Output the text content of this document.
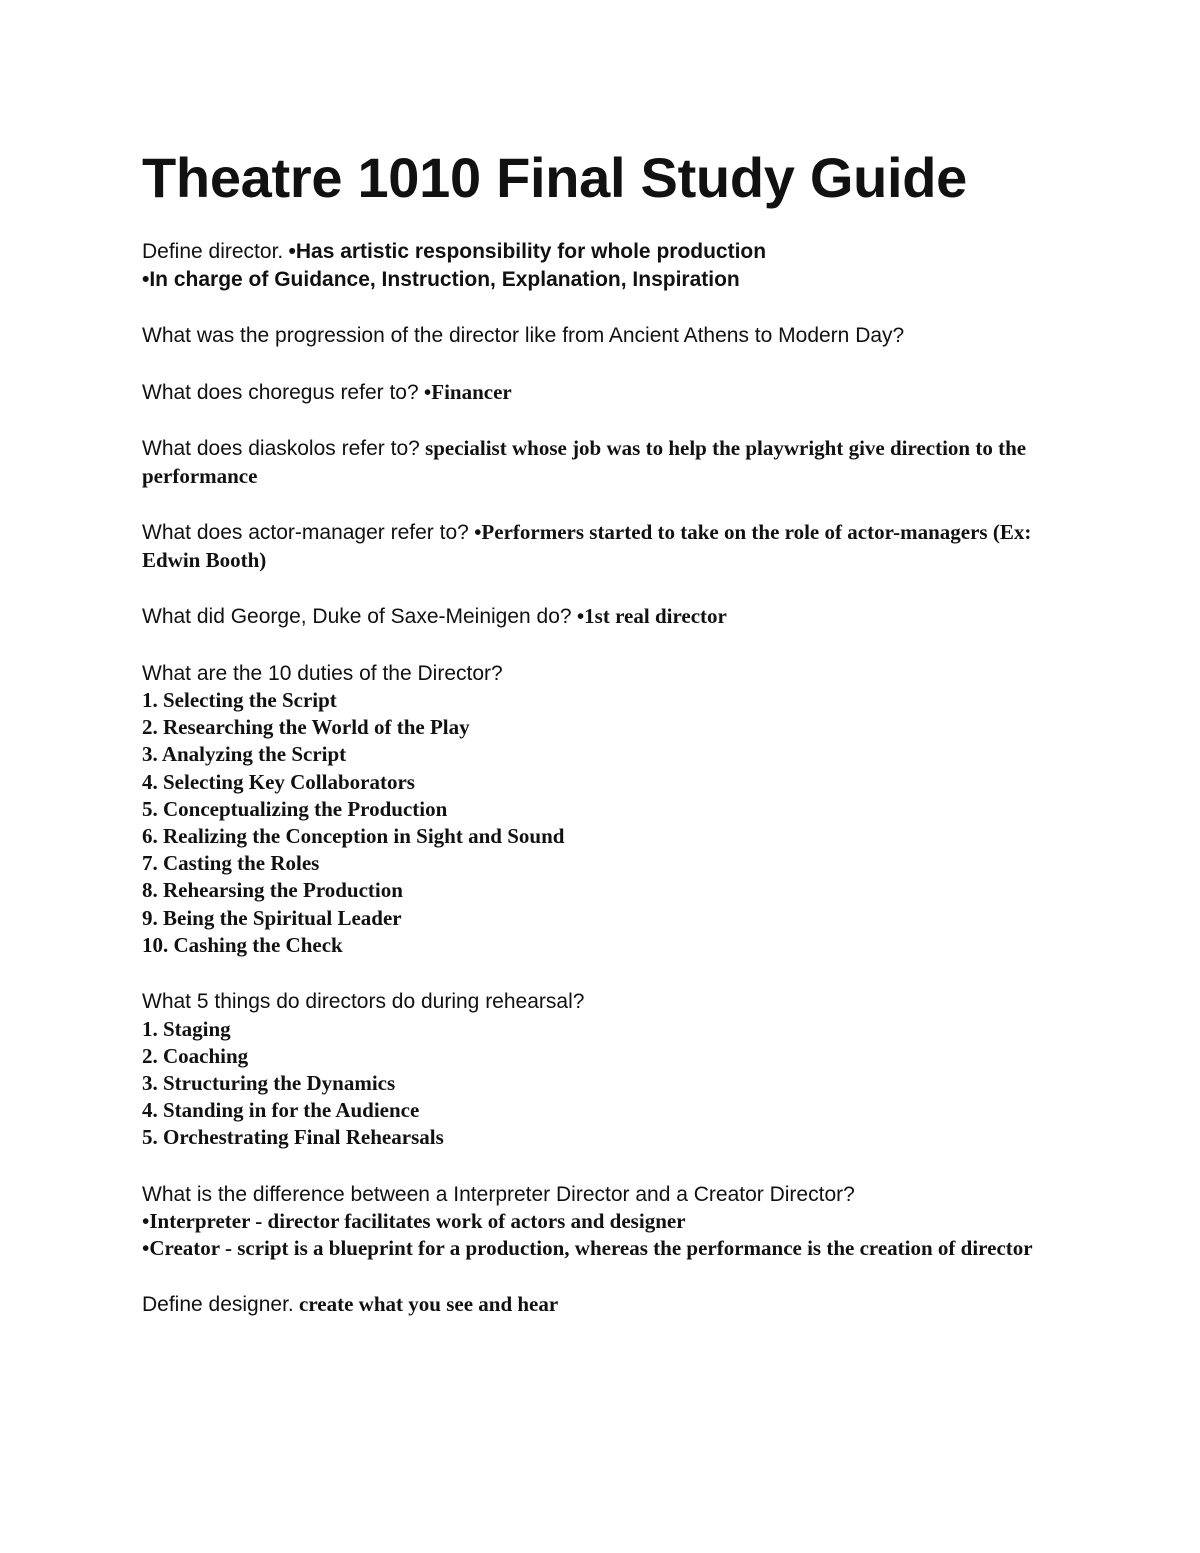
Theatre 1010 Final Study Guide
Define director. •Has artistic responsibility for whole production
•In charge of Guidance, Instruction, Explanation, Inspiration
What was the progression of the director like from Ancient Athens to Modern Day?
What does choregus refer to? •Financer
What does diaskolos refer to? specialist whose job was to help the playwright give direction to the performance
What does actor-manager refer to? •Performers started to take on the role of actor-managers (Ex: Edwin Booth)
What did George, Duke of Saxe-Meinigen do? •1st real director
What are the 10 duties of the Director?
1. Selecting the Script
2. Researching the World of the Play
3. Analyzing the Script
4. Selecting Key Collaborators
5. Conceptualizing the Production
6. Realizing the Conception in Sight and Sound
7. Casting the Roles
8. Rehearsing the Production
9. Being the Spiritual Leader
10. Cashing the Check
What 5 things do directors do during rehearsal?
1. Staging
2. Coaching
3. Structuring the Dynamics
4. Standing in for the Audience
5. Orchestrating Final Rehearsals
What is the difference between a Interpreter Director and a Creator Director?
•Interpreter - director facilitates work of actors and designer
•Creator - script is a blueprint for a production, whereas the performance is the creation of director
Define designer. create what you see and hear
